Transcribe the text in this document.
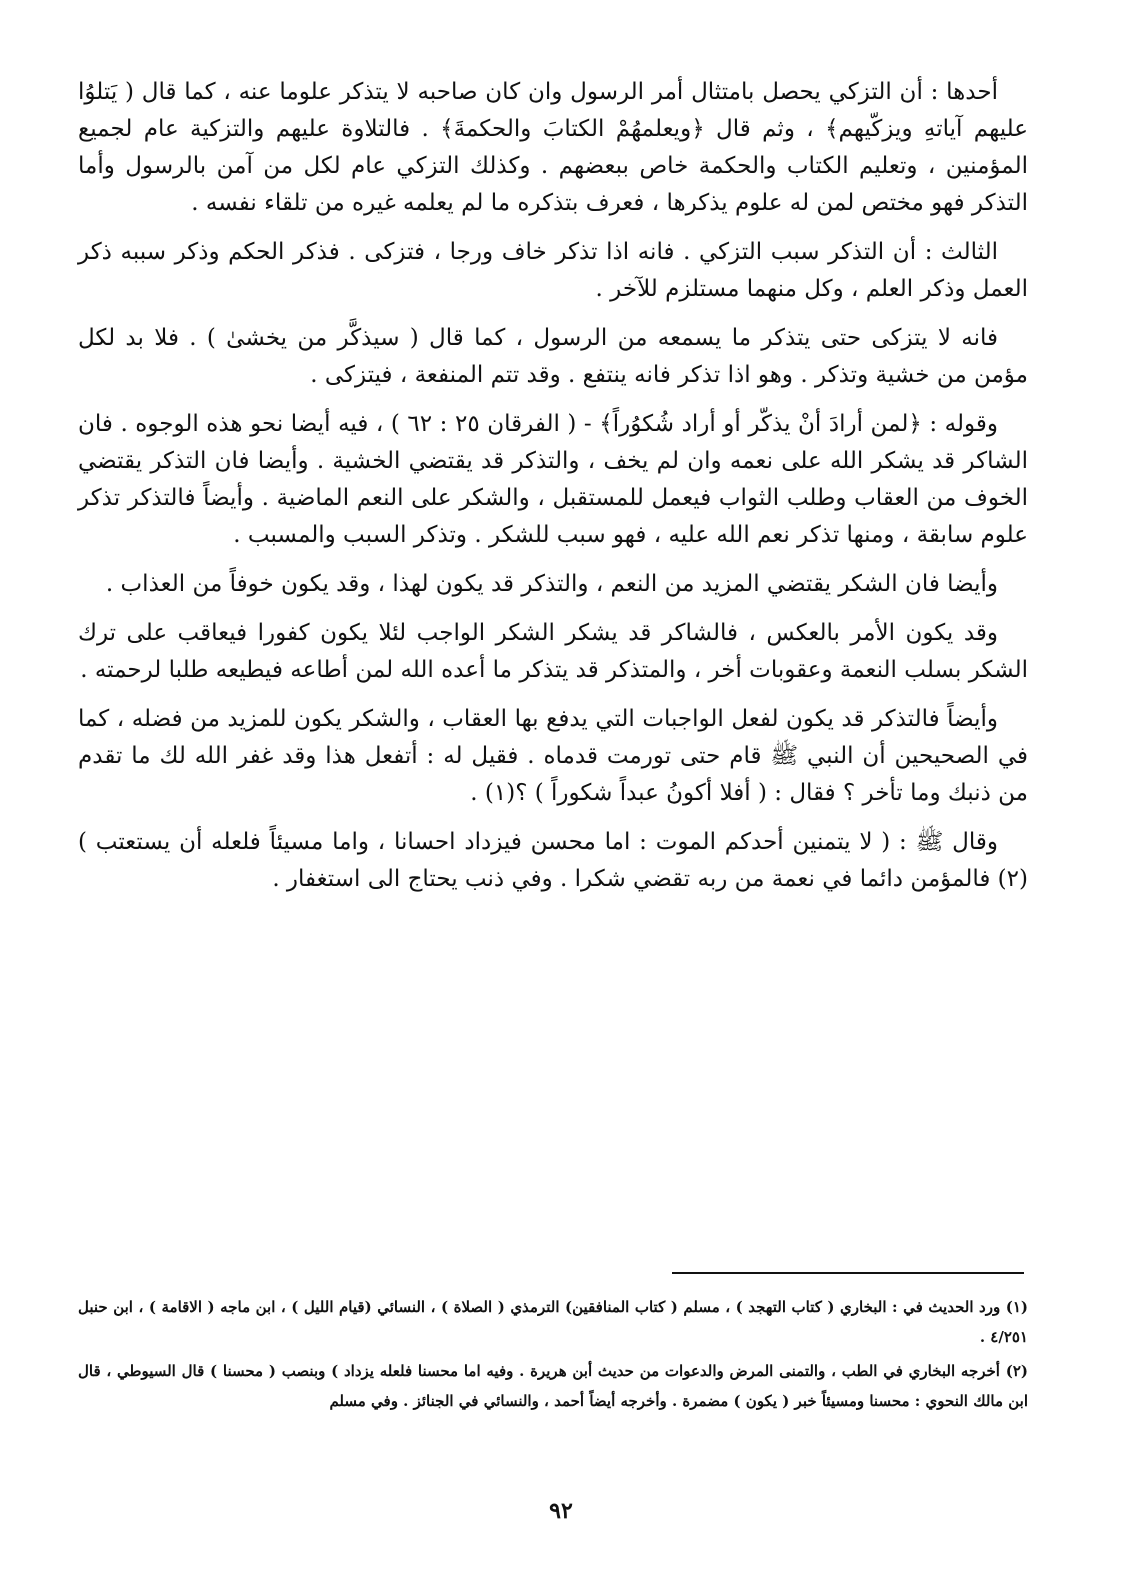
أحدها : أن التزكي يحصل بامتثال أمر الرسول وان كان صاحبه لا يتذكر علوما عنه ، كما قال ( يَتلوُا عليهم آياتهِ ويزكّيهم﴾ ، وثم قال ﴿ويعلمهُمْ الكتابَ والحكمةَ﴾ . فالتلاوة عليهم والتزكية عام لجميع المؤمنين ، وتعليم الكتاب والحكمة خاص ببعضهم . وكذلك التزكي عام لكل من آمن بالرسول وأما التذكر فهو مختص لمن له علوم يذكرها ، فعرف بتذكره ما لم يعلمه غيره من تلقاء نفسه .

الثالث : أن التذكر سبب التزكي . فانه اذا تذكر خاف ورجا ، فتزكى . فذكر الحكم وذكر سببه ذكر العمل وذكر العلم ، وكل منهما مستلزم للآخر .

فانه لا يتزكى حتى يتذكر ما يسمعه من الرسول ، كما قال ( سيذكَّر من يخشىٰ ) . فلا بد لكل مؤمن من خشية وتذكر . وهو اذا تذكر فانه ينتفع . وقد تتم المنفعة ، فيتزكى .

وقوله : ﴿لمن أرادَ أنْ يذكّر أو أراد شُكوُراً﴾ - ( الفرقان ٢٥ : ٦٢ ) ، فيه أيضا نحو هذه الوجوه . فان الشاكر قد يشكر الله على نعمه وان لم يخف ، والتذكر قد يقتضي الخشية . وأيضا فان التذكر يقتضي الخوف من العقاب وطلب الثواب فيعمل للمستقبل ، والشكر على النعم الماضية . وأيضاً فالتذكر تذكر علوم سابقة ، ومنها تذكر نعم الله عليه ، فهو سبب للشكر . وتذكر السبب والمسبب .

وأيضا فان الشكر يقتضي المزيد من النعم ، والتذكر قد يكون لهذا ، وقد يكون خوفاً من العذاب .

وقد يكون الأمر بالعكس ، فالشاكر قد يشكر الشكر الواجب لئلا يكون كفورا فيعاقب على ترك الشكر بسلب النعمة وعقوبات أخر ، والمتذكر قد يتذكر ما أعده الله لمن أطاعه فيطيعه طلبا لرحمته .

وأيضاً فالتذكر قد يكون لفعل الواجبات التي يدفع بها العقاب ، والشكر يكون للمزيد من فضله ، كما في الصحيحين أن النبي ﷺ قام حتى تورمت قدماه . فقيل له : أتفعل هذا وقد غفر الله لك ما تقدم من ذنبك وما تأخر ؟ فقال : ( أفلا أكونُ عبداً شكوراً ) ؟(١) .

وقال ﷺ : ( لا يتمنين أحدكم الموت : اما محسن فيزداد احسانا ، واما مسيئاً فلعله أن يستعتب ) (٢) فالمؤمن دائما في نعمة من ربه تقضي شكرا . وفي ذنب يحتاج الى استغفار .

(١) ورد الحديث في : البخاري ( كتاب التهجد ) ، مسلم ( كتاب المنافقين) الترمذي ( الصلاة ) ، النسائي (قيام الليل ) ، ابن ماجه ( الاقامة ) ، ابن حنبل ٤/٢٥١ .

(٢) أخرجه البخاري في الطب ، والتمنى المرض والدعوات من حديث أبن هريرة . وفيه اما محسنا فلعله يزداد ) وبنصب ( محسنا ) قال السيوطي ، قال ابن مالك النحوي : محسنا ومسيئاً خبر ( يكون ) مضمرة . وأخرجه أيضاً أحمد ، والنسائي في الجنائز . وفي مسلم

٩٢
